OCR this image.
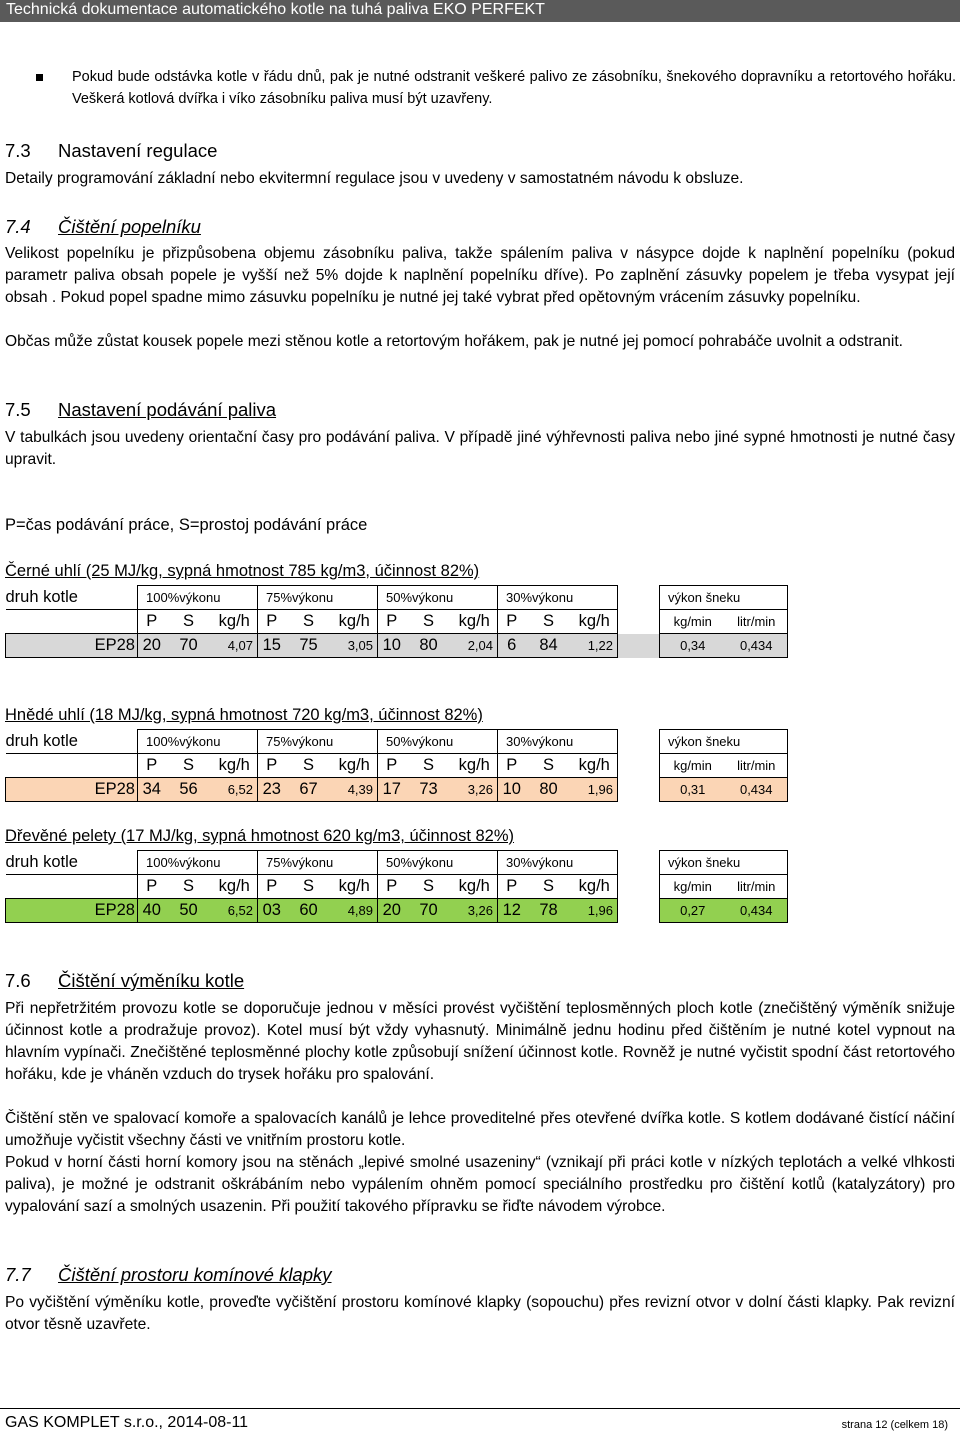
Technická dokumentace automatického kotle na tuhá paliva EKO PERFEKT
Pokud bude odstávka kotle v řádu dnů, pak je nutné odstranit veškeré palivo ze zásobníku, šnekového dopravníku a retortového hořáku. Veškerá kotlová dvířka i víko zásobníku paliva musí být uzavřeny.
7.3 Nastavení regulace
Detaily programování základní nebo ekvitermní regulace jsou v uvedeny v samostatném návodu k obsluze.
7.4 Čištění popelníku
Velikost popelníku je přizpůsobena objemu zásobníku paliva, takže spálením paliva v násypce dojde k naplnění popelníku (pokud parametr paliva obsah popele je vyšší než 5% dojde k naplnění popelníku dříve). Po zaplnění zásuvky popelem je třeba vysypat její obsah . Pokud popel spadne mimo zásuvku popelníku je nutné jej také vybrat před opětovným vrácením zásuvky popelníku.
Občas může zůstat kousek popele mezi stěnou kotle a retortovým hořákem, pak je nutné jej pomocí pohrabáče uvolnit a odstranit.
7.5 Nastavení podávání paliva
V tabulkách jsou uvedeny orientační časy pro podávání paliva. V případě jiné výhřevnosti paliva nebo jiné sypné hmotnosti je nutné časy upravit.
P=čas podávání práce, S=prostoj podávání práce
Černé uhlí (25 MJ/kg, sypná hmotnost 785 kg/m3, účinnost 82%)
druh kotle	100%výkonu			75%výkonu			50%výkonu			30%výkonu				výkon šneku	
	P	S	kg/h	P	S	kg/h	P	S	kg/h	P	S	kg/h		kg/min	litr/min
EP28	20	70	4,07	15	75	3,05	10	80	2,04	6	84	1,22		0,34	0,434
Hnědé uhlí (18 MJ/kg, sypná hmotnost 720 kg/m3, účinnost 82%)
druh kotle	100%výkonu			75%výkonu			50%výkonu			30%výkonu				výkon šneku	
	P	S	kg/h	P	S	kg/h	P	S	kg/h	P	S	kg/h		kg/min	litr/min
EP28	34	56	6,52	23	67	4,39	17	73	3,26	10	80	1,96		0,31	0,434
Dřevěné pelety (17 MJ/kg, sypná hmotnost 620 kg/m3, účinnost 82%)
druh kotle	100%výkonu			75%výkonu			50%výkonu			30%výkonu				výkon šneku	
	P	S	kg/h	P	S	kg/h	P	S	kg/h	P	S	kg/h		kg/min	litr/min
EP28	40	50	6,52	03	60	4,89	20	70	3,26	12	78	1,96		0,27	0,434
7.6 Čištění výměníku kotle
Při nepřetržitém provozu kotle se doporučuje jednou v měsíci provést vyčištění teplosměnných ploch kotle (znečištěný výměník snižuje účinnost kotle a prodražuje provoz). Kotel musí být vždy vyhasnutý. Minimálně jednu hodinu před čištěním je nutné kotel vypnout na hlavním vypínači. Znečištěné teplosměnné plochy kotle způsobují snížení účinnost kotle. Rovněž je nutné vyčistit spodní část retortového hořáku, kde je vháněn vzduch do trysek hořáku pro spalování.
Čištění stěn ve spalovací komoře a spalovacích kanálů je lehce proveditelné přes otevřené dvířka kotle. S kotlem dodávané čistící náčiní umožňuje vyčistit všechny části ve vnitřním prostoru kotle.
Pokud v horní části horní komory jsou na stěnách „lepivé smolné usazeniny“ (vznikají při práci kotle v nízkých teplotách a velké vlhkosti paliva), je možné je odstranit oškrábáním nebo vypálením ohněm pomocí speciálního prostředku pro čištění kotlů (katalyzátory) pro vypalování sazí a smolných usazenin. Při použití takového přípravku se řiďte návodem výrobce.
7.7 Čištění prostoru komínové klapky
Po vyčištění výměníku kotle, proveďte vyčištění prostoru komínové klapky (sopouchu) přes revizní otvor v dolní části klapky. Pak revizní otvor těsně uzavřete.
GAS KOMPLET s.r.o., 2014-08-11	strana 12 (celkem 18)
